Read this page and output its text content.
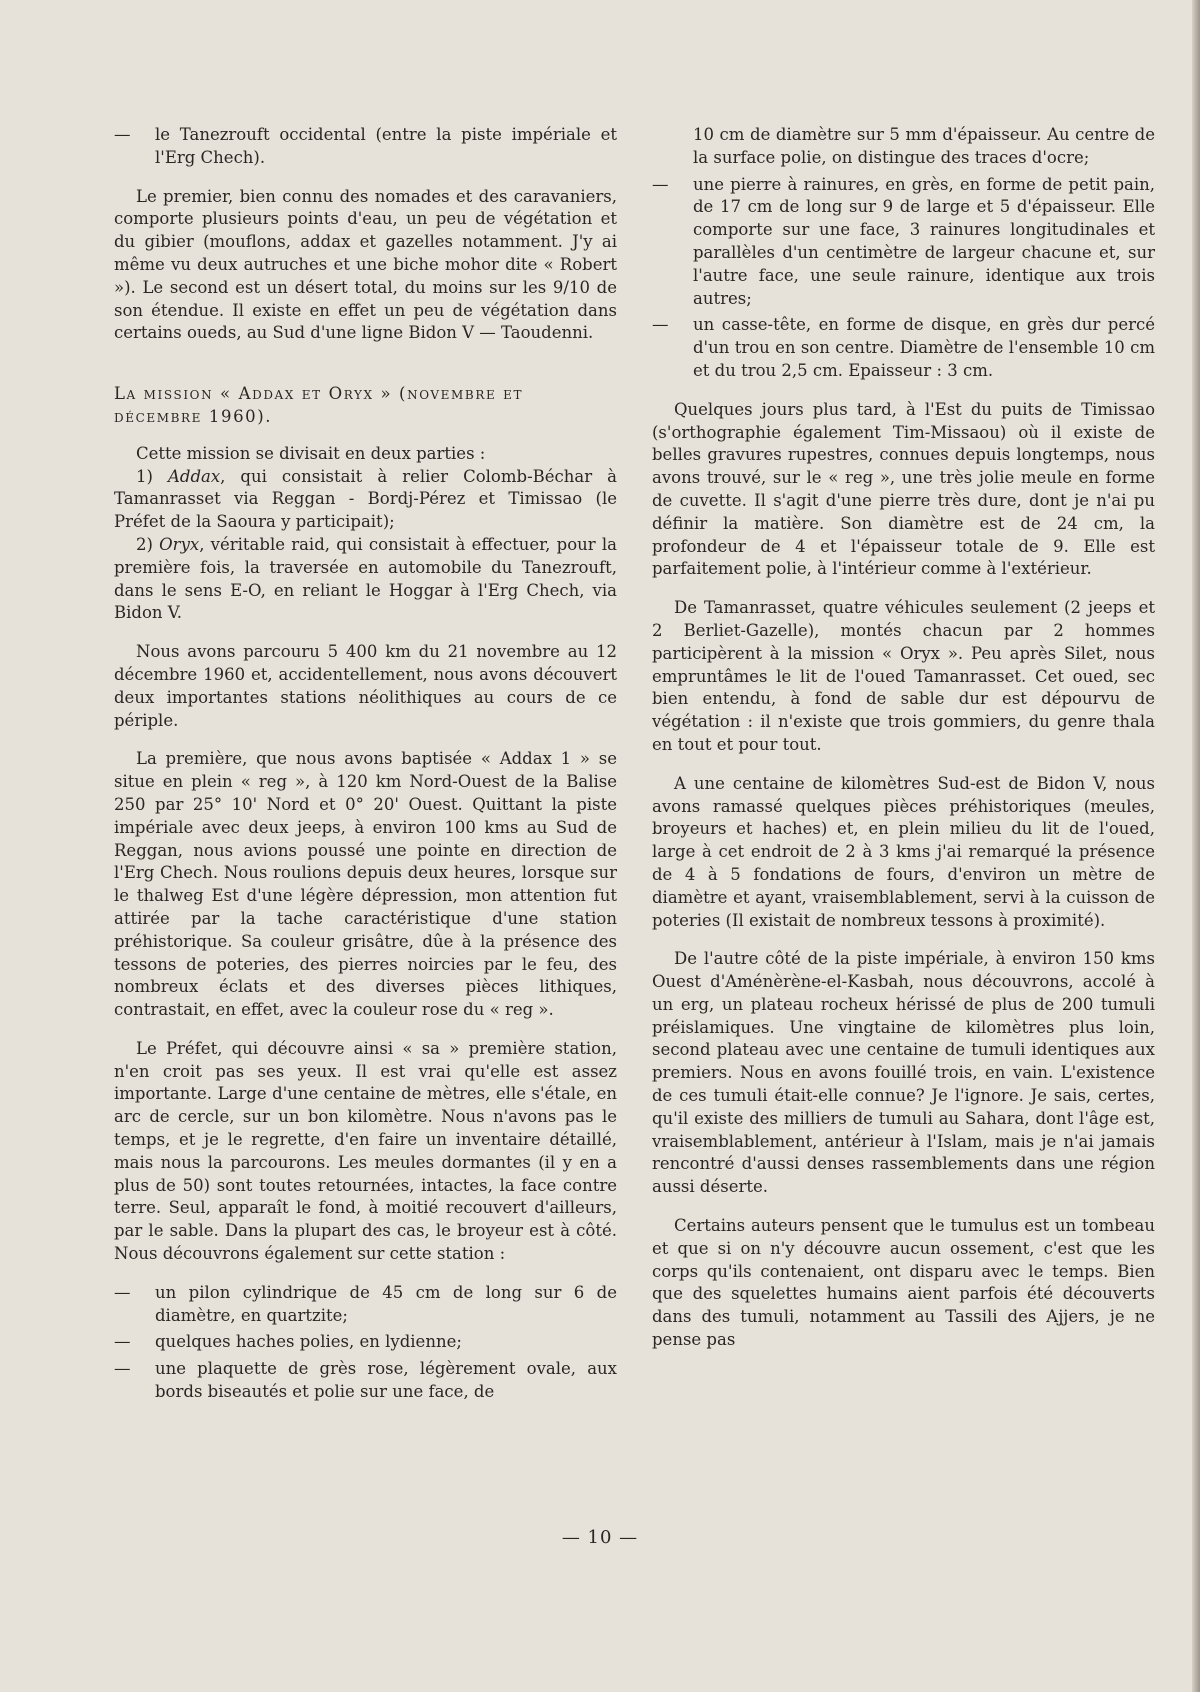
— le Tanezrouft occidental (entre la piste impériale et l'Erg Chech).

Le premier, bien connu des nomades et des caravaniers, comporte plusieurs points d'eau, un peu de végétation et du gibier (mouflons, addax et gazelles notamment. J'y ai même vu deux autruches et une biche mohor dite « Robert »). Le second est un désert total, du moins sur les 9/10 de son étendue. Il existe en effet un peu de végétation dans certains oueds, au Sud d'une ligne Bidon V — Taoudenni.

La mission « Addax et Oryx » (novembre et décembre 1960).

Cette mission se divisait en deux parties :

1) Addax, qui consistait à relier Colomb-Béchar à Tamanrasset via Reggan - Bordj-Pérez et Timissao (le Préfet de la Saoura y participait);

2) Oryx, véritable raid, qui consistait à effectuer, pour la première fois, la traversée en automobile du Tanezrouft, dans le sens E-O, en reliant le Hoggar à l'Erg Chech, via Bidon V.

Nous avons parcouru 5 400 km du 21 novembre au 12 décembre 1960 et, accidentellement, nous avons découvert deux importantes stations néolithiques au cours de ce périple.

La première, que nous avons baptisée « Addax 1 » se situe en plein « reg », à 120 km Nord-Ouest de la Balise 250 par 25° 10' Nord et 0° 20' Ouest. Quittant la piste impériale avec deux jeeps, à environ 100 kms au Sud de Reggan, nous avions poussé une pointe en direction de l'Erg Chech. Nous roulions depuis deux heures, lorsque sur le thalweg Est d'une légère dépression, mon attention fut attirée par la tache caractéristique d'une station préhistorique. Sa couleur grisâtre, dûe à la présence des tessons de poteries, des pierres noircies par le feu, des nombreux éclats et des diverses pièces lithiques, contrastait, en effet, avec la couleur rose du « reg ».

Le Préfet, qui découvre ainsi « sa » première station, n'en croit pas ses yeux. Il est vrai qu'elle est assez importante. Large d'une centaine de mètres, elle s'étale, en arc de cercle, sur un bon kilomètre. Nous n'avons pas le temps, et je le regrette, d'en faire un inventaire détaillé, mais nous la parcourons. Les meules dormantes (il y en a plus de 50) sont toutes retournées, intactes, la face contre terre. Seul, apparaît le fond, à moitié recouvert d'ailleurs, par le sable. Dans la plupart des cas, le broyeur est à côté. Nous découvrons également sur cette station :

— un pilon cylindrique de 45 cm de long sur 6 de diamètre, en quartzite;
— quelques haches polies, en lydienne;
— une plaquette de grès rose, légèrement ovale, aux bords biseautés et polie sur une face, de
10 cm de diamètre sur 5 mm d'épaisseur. Au centre de la surface polie, on distingue des traces d'ocre;
— une pierre à rainures, en grès, en forme de petit pain, de 17 cm de long sur 9 de large et 5 d'épaisseur. Elle comporte sur une face, 3 rainures longitudinales et parallèles d'un centimètre de largeur chacune et, sur l'autre face, une seule rainure, identique aux trois autres;
— un casse-tête, en forme de disque, en grès dur percé d'un trou en son centre. Diamètre de l'ensemble 10 cm et du trou 2,5 cm. Epaisseur : 3 cm.

Quelques jours plus tard, à l'Est du puits de Timissao (s'orthographie également Tim-Missaou) où il existe de belles gravures rupestres, connues depuis longtemps, nous avons trouvé, sur le « reg », une très jolie meule en forme de cuvette. Il s'agit d'une pierre très dure, dont je n'ai pu définir la matière. Son diamètre est de 24 cm, la profondeur de 4 et l'épaisseur totale de 9. Elle est parfaitement polie, à l'intérieur comme à l'extérieur.

De Tamanrasset, quatre véhicules seulement (2 jeeps et 2 Berliet-Gazelle), montés chacun par 2 hommes participèrent à la mission « Oryx ». Peu après Silet, nous empruntâmes le lit de l'oued Tamanrasset. Cet oued, sec bien entendu, à fond de sable dur est dépourvu de végétation : il n'existe que trois gommiers, du genre thala en tout et pour tout.

A une centaine de kilomètres Sud-est de Bidon V, nous avons ramassé quelques pièces préhistoriques (meules, broyeurs et haches) et, en plein milieu du lit de l'oued, large à cet endroit de 2 à 3 kms j'ai remarqué la présence de 4 à 5 fondations de fours, d'environ un mètre de diamètre et ayant, vraisemblablement, servi à la cuisson de poteries (Il existait de nombreux tessons à proximité).

De l'autre côté de la piste impériale, à environ 150 kms Ouest d'Aménèrène-el-Kasbah, nous découvrons, accolé à un erg, un plateau rocheux hérissé de plus de 200 tumuli préislamiques. Une vingtaine de kilomètres plus loin, second plateau avec une centaine de tumuli identiques aux premiers. Nous en avons fouillé trois, en vain. L'existence de ces tumuli était-elle connue? Je l'ignore. Je sais, certes, qu'il existe des milliers de tumuli au Sahara, dont l'âge est, vraisemblablement, antérieur à l'Islam, mais je n'ai jamais rencontré d'aussi denses rassemblements dans une région aussi déserte.

Certains auteurs pensent que le tumulus est un tombeau et que si on n'y découvre aucun ossement, c'est que les corps qu'ils contenaient, ont disparu avec le temps. Bien que des squelettes humains aient parfois été découverts dans des tumuli, notamment au Tassili des Ajjers, je ne pense pas

— 10 —
